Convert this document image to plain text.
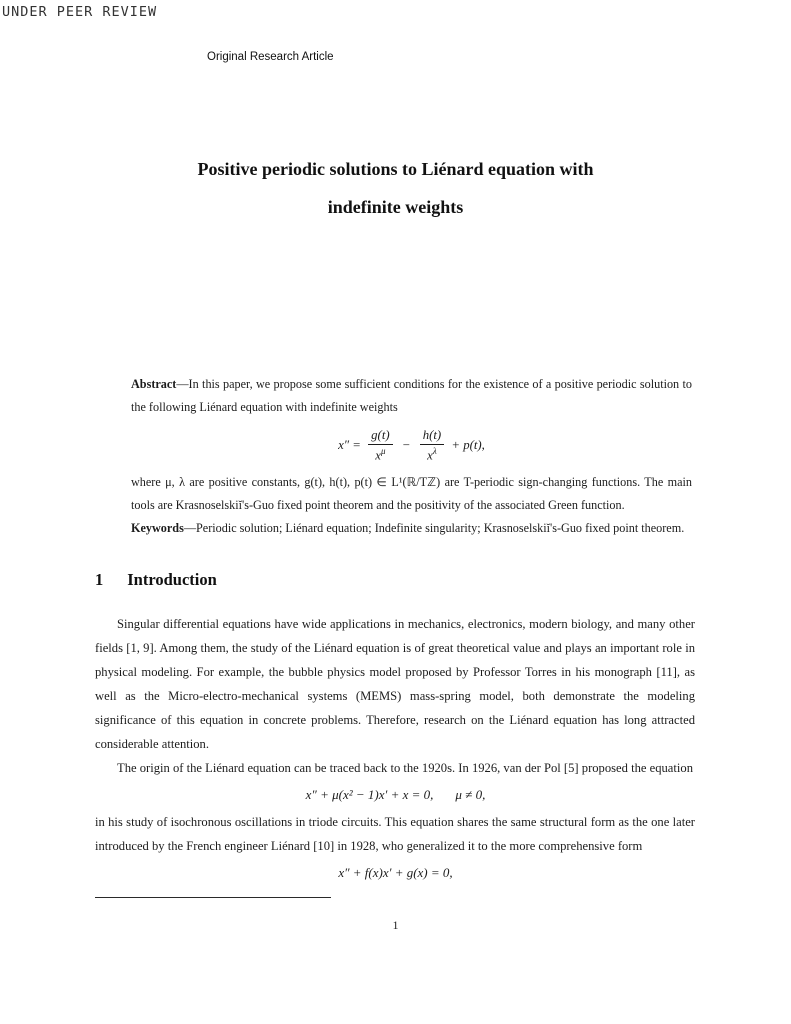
UNDER PEER REVIEW
Original Research Article
Positive periodic solutions to Liénard equation with
indefinite weights

Abstract—In this paper, we propose some sufficient conditions for the existence of a positive periodic solution to the following Liénard equation with indefinite weights

$x'' = \frac{g(t)}{x^\mu} - \frac{h(t)}{x^\lambda} + p(t)$,

where μ, λ are positive constants, g(t), h(t), p(t) ∈ L¹(ℝ/Tℤ) are T-periodic sign-changing functions. The main tools are Krasnoselskiĭ's-Guo fixed point theorem and the positivity of the associated Green function.

Keywords—Periodic solution; Liénard equation; Indefinite singularity; Krasnoselskiĭ's-Guo fixed point theorem.

1 Introduction

Singular differential equations have wide applications in mechanics, electronics, modern biology, and many other fields [1, 9]. Among them, the study of the Liénard equation is of great theoretical value and plays an important role in physical modeling. For example, the bubble physics model proposed by Professor Torres in his monograph [11], as well as the Micro-electro-mechanical systems (MEMS) mass-spring model, both demonstrate the modeling significance of this equation in concrete problems. Therefore, research on the Liénard equation has long attracted considerable attention.

The origin of the Liénard equation can be traced back to the 1920s. In 1926, van der Pol [5] proposed the equation

x″ + μ(x² − 1)x′ + x = 0, μ ≠ 0,

in his study of isochronous oscillations in triode circuits. This equation shares the same structural form as the one later introduced by the French engineer Liénard [10] in 1928, who generalized it to the more comprehensive form

x″ + f(x)x′ + g(x) = 0,
1
